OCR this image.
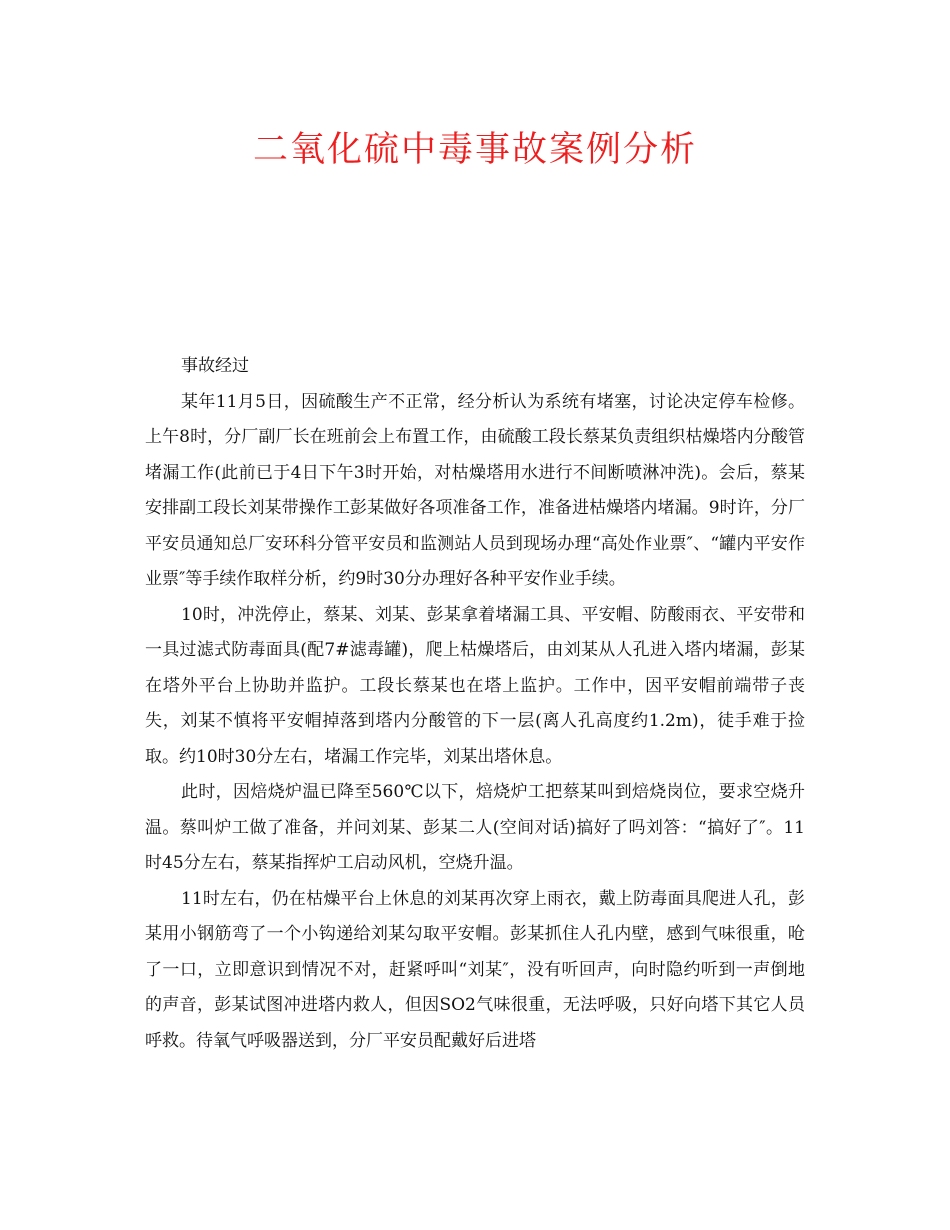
二氧化硫中毒事故案例分析

事故经过

某年11月5日，因硫酸生产不正常，经分析认为系统有堵塞，讨论决定停车检修。上午8时，分厂副厂长在班前会上布置工作，由硫酸工段长蔡某负责组织枯燥塔内分酸管堵漏工作(此前已于4日下午3时开始，对枯燥塔用水进行不间断喷淋冲洗)。会后，蔡某安排副工段长刘某带操作工彭某做好各项准备工作，准备进枯燥塔内堵漏。9时许，分厂平安员通知总厂安环科分管平安员和监测站人员到现场办理“高处作业票″、“罐内平安作业票″等手续作取样分析，约9时30分办理好各种平安作业手续。

10时，冲洗停止，蔡某、刘某、彭某拿着堵漏工具、平安帽、防酸雨衣、平安带和一具过滤式防毒面具(配7#滤毒罐)，爬上枯燥塔后，由刘某从人孔进入塔内堵漏，彭某在塔外平台上协助并监护。工段长蔡某也在塔上监护。工作中，因平安帽前端带子丧失，刘某不慎将平安帽掉落到塔内分酸管的下一层(离人孔高度约1.2m)，徒手难于捡取。约10时30分左右，堵漏工作完毕，刘某出塔休息。

此时，因焙烧炉温已降至560℃以下，焙烧炉工把蔡某叫到焙烧岗位，要求空烧升温。蔡叫炉工做了准备，并问刘某、彭某二人(空间对话)搞好了吗刘答：“搞好了″。11时45分左右，蔡某指挥炉工启动风机，空烧升温。

11时左右，仍在枯燥平台上休息的刘某再次穿上雨衣，戴上防毒面具爬进人孔，彭某用小钢筋弯了一个小钩递给刘某勾取平安帽。彭某抓住人孔内壁，感到气味很重，呛了一口，立即意识到情况不对，赶紧呼叫“刘某″，没有听回声，向时隐约听到一声倒地的声音，彭某试图冲进塔内救人，但因SO2气味很重，无法呼吸，只好向塔下其它人员呼救。待氧气呼吸器送到，分厂平安员配戴好后进塔
